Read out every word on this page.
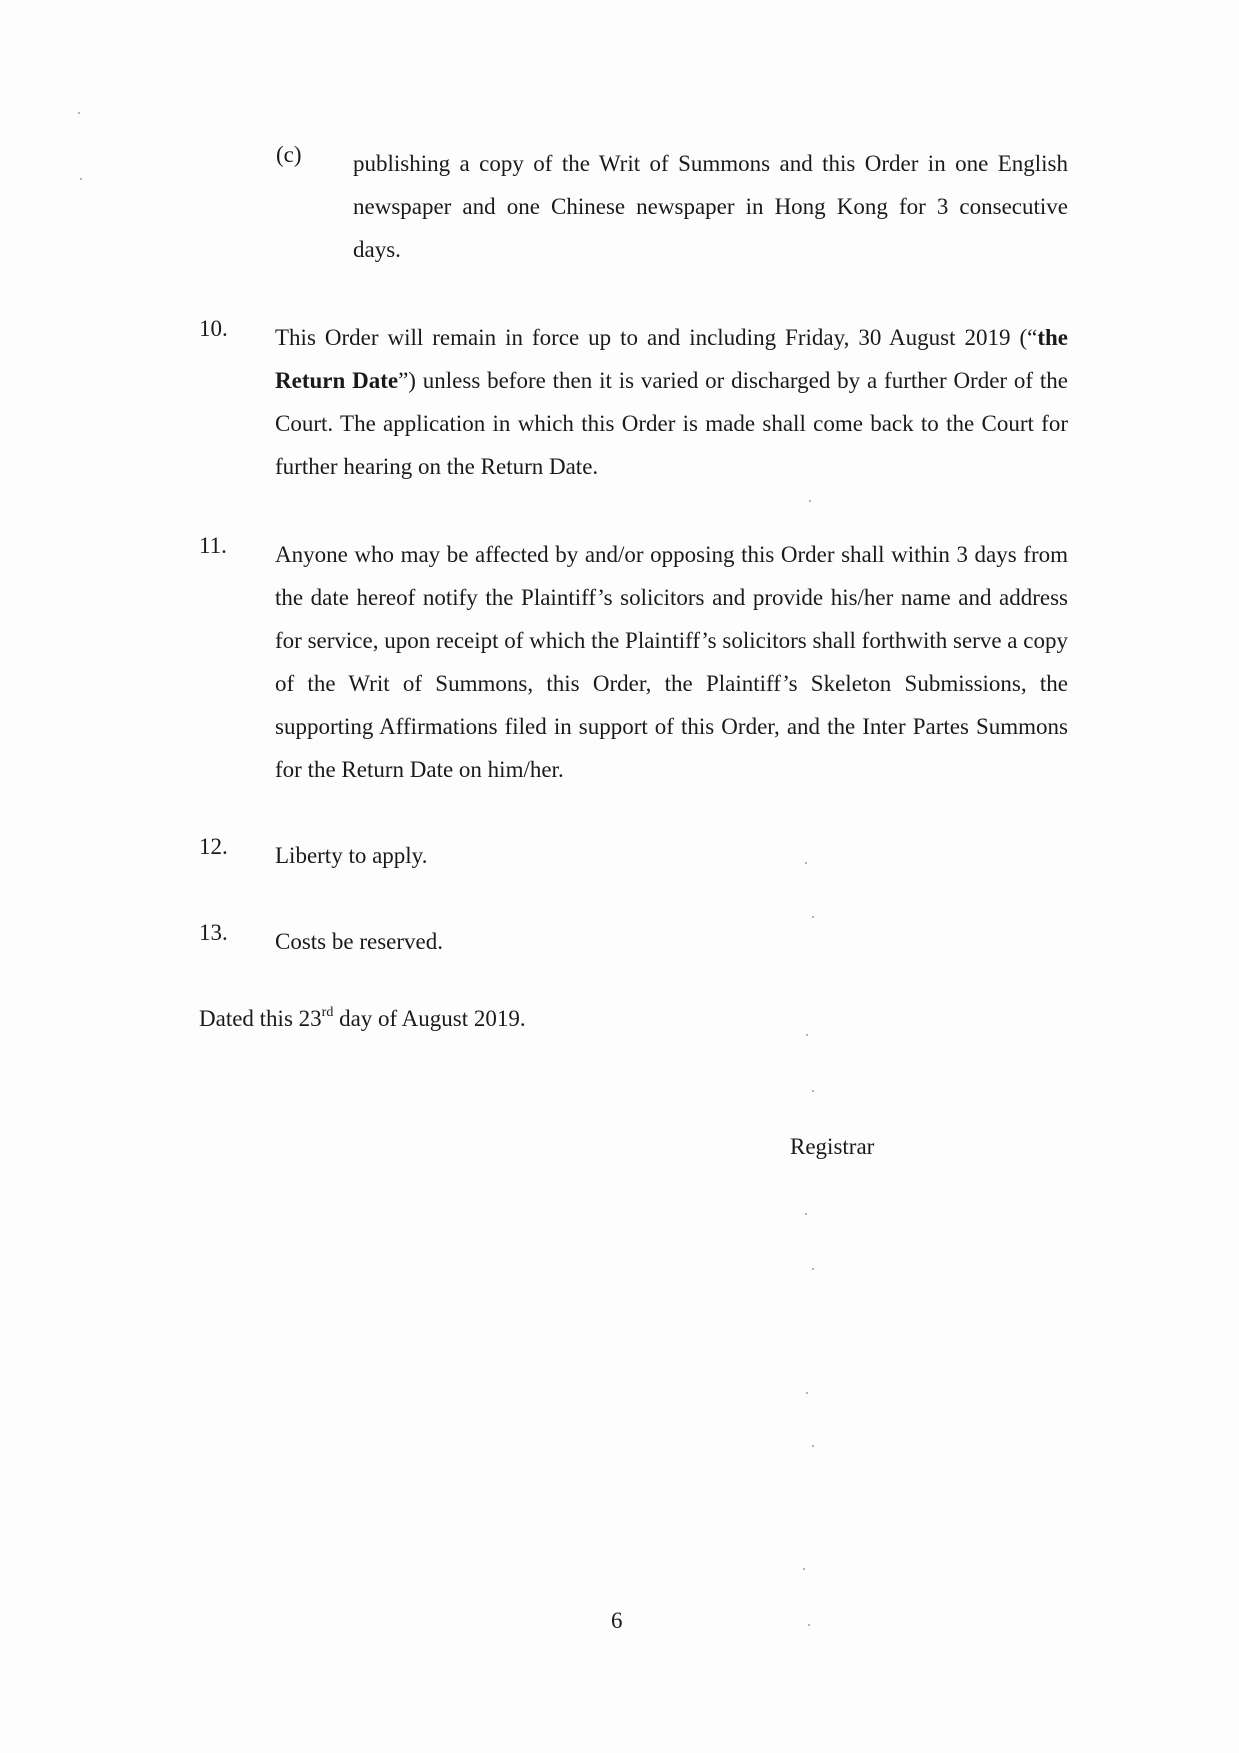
(c) publishing a copy of the Writ of Summons and this Order in one English newspaper and one Chinese newspaper in Hong Kong for 3 consecutive days.
10. This Order will remain in force up to and including Friday, 30 August 2019 (“the Return Date”) unless before then it is varied or discharged by a further Order of the Court. The application in which this Order is made shall come back to the Court for further hearing on the Return Date.
11. Anyone who may be affected by and/or opposing this Order shall within 3 days from the date hereof notify the Plaintiff’s solicitors and provide his/her name and address for service, upon receipt of which the Plaintiff’s solicitors shall forthwith serve a copy of the Writ of Summons, this Order, the Plaintiff’s Skeleton Submissions, the supporting Affirmations filed in support of this Order, and the Inter Partes Summons for the Return Date on him/her.
12. Liberty to apply.
13. Costs be reserved.
Dated this 23rd day of August 2019.
Registrar
6
